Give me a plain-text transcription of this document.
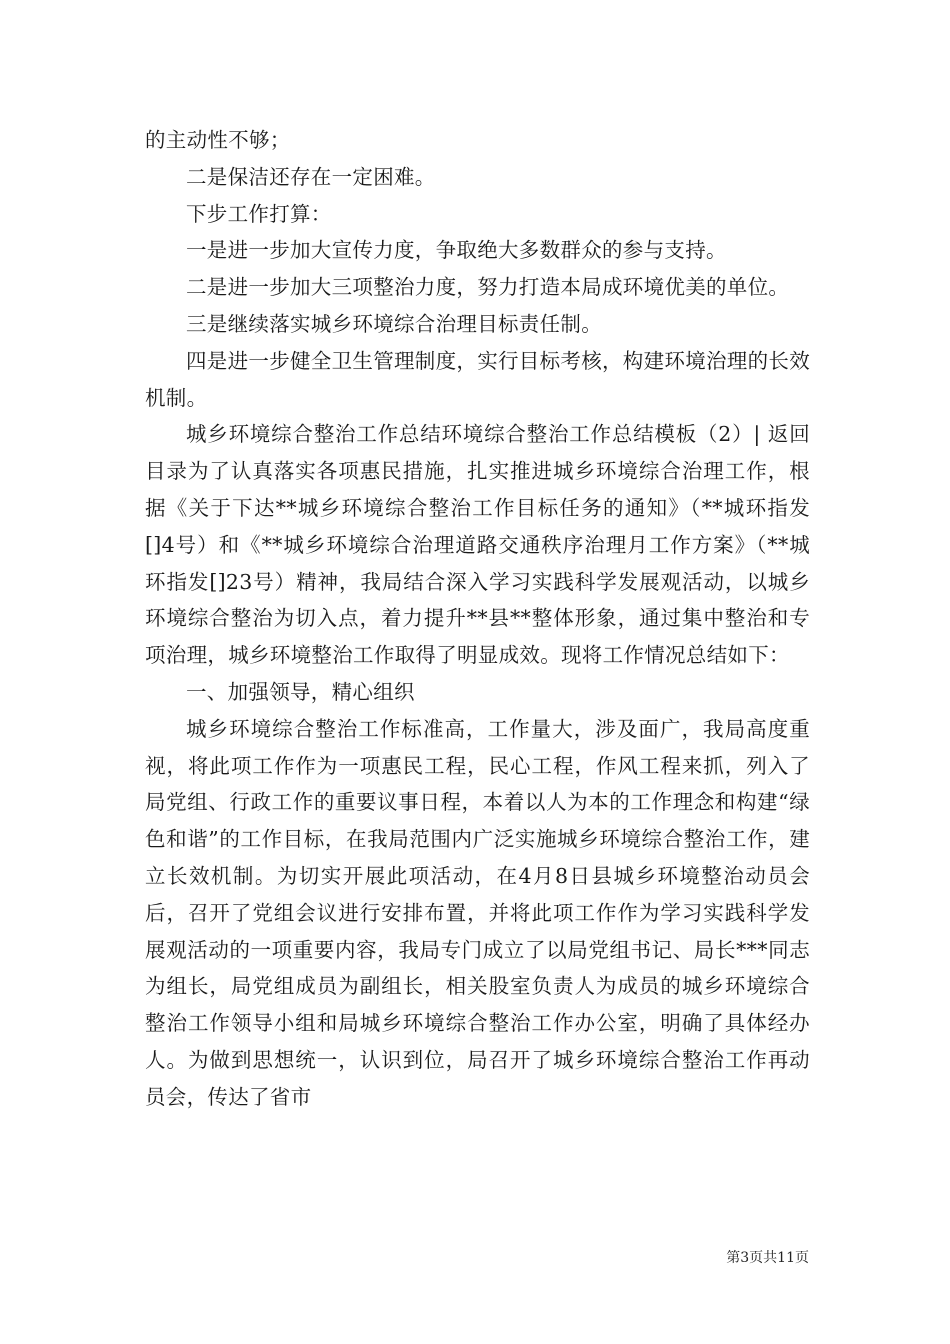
的主动性不够；

二是保洁还存在一定困难。

下步工作打算：

一是进一步加大宣传力度，争取绝大多数群众的参与支持。

二是进一步加大三项整治力度，努力打造本局成环境优美的单位。

三是继续落实城乡环境综合治理目标责任制。

四是进一步健全卫生管理制度，实行目标考核，构建环境治理的长效机制。

城乡环境综合整治工作总结环境综合整治工作总结模板（2）| 返回目录为了认真落实各项惠民措施，扎实推进城乡环境综合治理工作，根据《关于下达**城乡环境综合整治工作目标任务的通知》（**城环指发[]4号）和《**城乡环境综合治理道路交通秩序治理月工作方案》（**城环指发[]23号）精神，我局结合深入学习实践科学发展观活动，以城乡环境综合整治为切入点，着力提升**县**整体形象，通过集中整治和专项治理，城乡环境整治工作取得了明显成效。现将工作情况总结如下：

一、加强领导，精心组织

城乡环境综合整治工作标准高，工作量大，涉及面广，我局高度重视，将此项工作作为一项惠民工程，民心工程，作风工程来抓，列入了局党组、行政工作的重要议事日程，本着以人为本的工作理念和构建“绿色和谐”的工作目标，在我局范围内广泛实施城乡环境综合整治工作，建立长效机制。为切实开展此项活动，在4月8日县城乡环境整治动员会后，召开了党组会议进行安排布置，并将此项工作作为学习实践科学发展观活动的一项重要内容，我局专门成立了以局党组书记、局长***同志为组长，局党组成员为副组长，相关股室负责人为成员的城乡环境综合整治工作领导小组和局城乡环境综合整治工作办公室，明确了具体经办人。为做到思想统一，认识到位，局召开了城乡环境综合整治工作再动员会，传达了省市

第3页共11页
